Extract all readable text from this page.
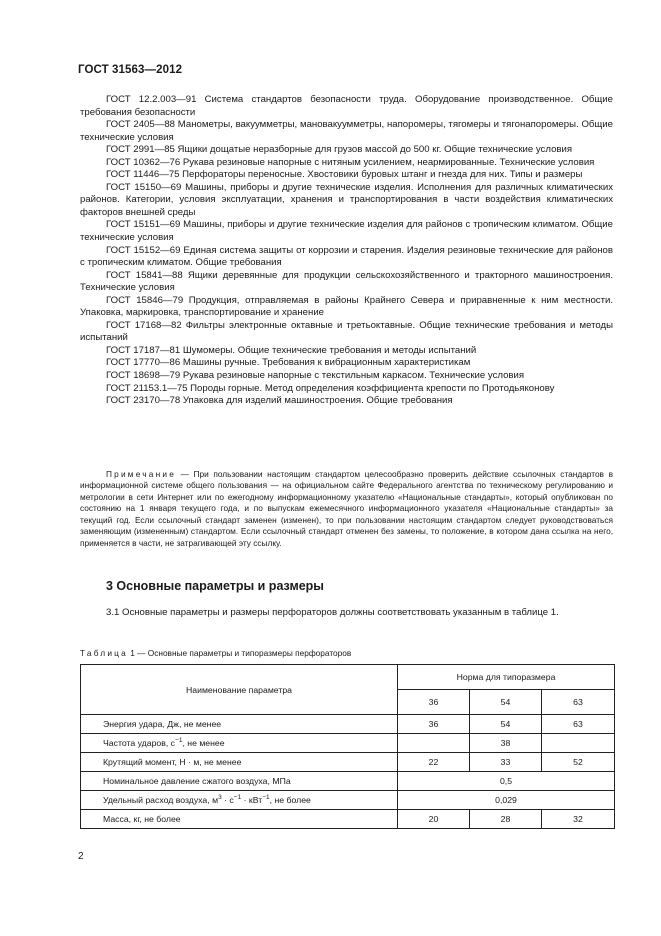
ГОСТ 31563—2012

ГОСТ 12.2.003—91 Система стандартов безопасности труда. Оборудование производственное. Общие требования безопасности

ГОСТ 2405—88 Манометры, вакуумметры, мановакуумметры, напоромеры, тягомеры и тягонапоромеры. Общие технические условия

ГОСТ 2991—85 Ящики дощатые неразборные для грузов массой до 500 кг. Общие технические условия

ГОСТ 10362—76 Рукава резиновые напорные с нитяным усилением, неармированные. Технические условия

ГОСТ 11446—75 Перфораторы переносные. Хвостовики буровых штанг и гнезда для них. Типы и размеры

ГОСТ 15150—69 Машины, приборы и другие технические изделия. Исполнения для различных климатических районов. Категории, условия эксплуатации, хранения и транспортирования в части воздействия климатических факторов внешней среды

ГОСТ 15151—69 Машины, приборы и другие технические изделия для районов с тропическим климатом. Общие технические условия

ГОСТ 15152—69 Единая система защиты от коррозии и старения. Изделия резиновые технические для районов с тропическим климатом. Общие требования

ГОСТ 15841—88 Ящики деревянные для продукции сельскохозяйственного и тракторного машиностроения. Технические условия

ГОСТ 15846—79 Продукция, отправляемая в районы Крайнего Севера и приравненные к ним местности. Упаковка, маркировка, транспортирование и хранение

ГОСТ 17168—82 Фильтры электронные октавные и третьоктавные. Общие технические требования и методы испытаний

ГОСТ 17187—81 Шумомеры. Общие технические требования и методы испытаний

ГОСТ 17770—86 Машины ручные. Требования к вибрационным характеристикам

ГОСТ 18698—79 Рукава резиновые напорные с текстильным каркасом. Технические условия

ГОСТ 21153.1—75 Породы горные. Метод определения коэффициента крепости по Протодьяконову

ГОСТ 23170—78 Упаковка для изделий машиностроения. Общие требования

Примечание — При пользовании настоящим стандартом целесообразно проверить действие ссылочных стандартов в информационной системе общего пользования — на официальном сайте Федерального агентства по техническому регулированию и метрологии в сети Интернет или по ежегодному информационному указателю «Национальные стандарты», который опубликован по состоянию на 1 января текущего года, и по выпускам ежемесячного информационного указателя «Национальные стандарты» за текущий год. Если ссылочный стандарт заменен (изменен), то при пользовании настоящим стандартом следует руководствоваться заменяющим (измененным) стандартом. Если ссылочный стандарт отменен без замены, то положение, в котором дана ссылка на него, применяется в части, не затрагивающей эту ссылку.
3 Основные параметры и размеры
3.1 Основные параметры и размеры перфораторов должны соответствовать указанным в таблице 1.
Таблица 1 — Основные параметры и типоразмеры перфораторов
Наименование параметра	Норма для типоразмера		
	36	54	63
Энергия удара, Дж, не менее	36	54	63
Частота ударов, $с^{-1}$, не менее		38	
Крутящий момент, Н · м, не менее	22	33	52
Номинальное давление сжатого воздуха, МПа	0,5		
Удельный расход воздуха, $м^3 \cdot с^{-1} \cdot кВт^{-1}$, не более	0,029		
Масса, кг, не более	20	28	32
2
